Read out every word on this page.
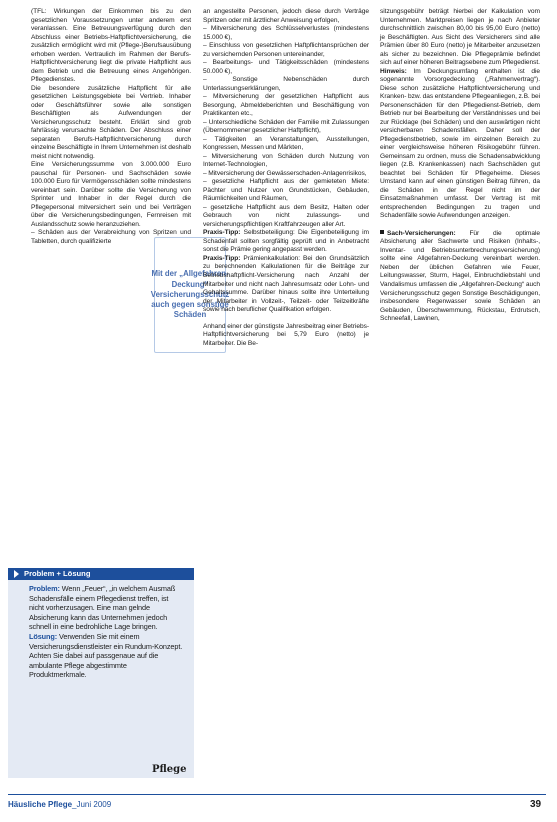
(TFL: Wirkungen der Einkommen bis zu den gesetzlichen Voraussetzungen unter anderem erst veranlassen. Eine Betreuungsverfügung durch den Abschluss einer Betriebs-Haftpflichtversicherung, die zusätzlich ermöglicht wird mit (Pflege-)Berufsausübung erhoben werden. Vertraulich im Rahmen der Berufs-Haftpflichtversicherung liegt die private Haftpflicht aus dem Betrieb und die Betreuung eines Angehörigen. Pflegedienstes.

Die besondere zusätzliche Haftpflicht für alle gesetzlichen Leistungsgebiete bei Vertrieb. Inhaber oder Geschäftsführer sowie alle sonstigen Beschäftigten als Aufwendungen der Versicherungsschutz besteht. Erklärt sind grob fahrlässig verursachte Schäden. Der Abschluss einer separaten Berufs-Haftpflichtversicherung durch einzelne Beschäftigte in Ihrem Unternehmen ist deshalb meist nicht notwendig.

Eine Versicherungssumme von 3.000.000 Euro pauschal für Personen- und Sachschäden sowie 100.000 Euro für Vermögensschäden sollte mindestens vereinbart sein. Darüber sollte die Versicherung von Sprinter und Inhaber in der Regel durch die Pflegepersonal mitversichert sein und bei Verträgen über die Versicherungsbedingungen, Fernreisen mit Auslandsschutz sowie heranzuziehen.

– Schäden aus der Verabreichung von Spritzen und Tabletten, durch qualifizierte

Mit der „Allgefahren-Deckung“ Versicherungsschutz auch gegen sonstige Schäden

an angestellte Personen, jedoch diese durch Verträge Spritzen oder mit ärztlicher Anweisung erfolgen,

– Mitversicherung des Schlüsselverlustes (mindestens 15.000 €),

– Einschluss von gesetzlichen Haftpflichtansprüchen der zu versichernden Personen untereinander,

– Bearbeitungs- und Tätigkeitsschäden (mindestens 50.000 €),

– Sonstige Nebenschäden durch Unterlassungserklärungen,

– Mitversicherung der gesetzlichen Haftpflicht aus Besorgung, Abmeldeberichten und Beschäftigung von Praktikanten etc.,

– Unterschiedliche Schäden der Familie mit Zulassungen (Übernommener gesetzlicher Haftpflicht),

– Tätigkeiten an Veranstaltungen, Ausstellungen, Kongressen, Messen und Märkten,

– Mitversicherung von Schäden durch Nutzung von Internet-Technologien,

– Mitversicherung der Gewässerschaden-Anlagenrisikos,

– gesetzliche Haftpflicht aus der gemieteten Miete: Pächter und Nutzer von Grundstücken, Gebäuden, Räumlichkeiten und Räumen,

– gesetzliche Haftpflicht aus dem Besitz, Halten oder Gebrauch von nicht zulassungs- und versicherungspflichtigen Kraftfahrzeugen aller Art.

Praxis-Tipp: Selbstbeteiligung: Die Eigenbeteiligung im Schadenfall sollten sorgfältig geprüft und in Anbetracht sonst die Prämie gering angepasst werden.

Praxis-Tipp: Prämienkalkulation: Bei den Grundsätzlich zu berechnenden Kalkulationen für die Beiträge zur Betriebshaftpflicht-Versicherung nach Anzahl der Mitarbeiter und nicht nach Jahresumsatz oder Lohn- und Gehaltssumme. Darüber hinaus sollte ihre Unterteilung der Mitarbeiter in Vollzeit-, Teilzeit- oder Teilzeitkräfte sowie nach beruflicher Qualifikation erfolgen.

Anhand einer der günstigste Jahresbeitrag einer Betriebs-Haftpflichtversicherung bei 5,79 Euro (netto) je Mitarbeiter. Die Be-

sitzungsgebühr beträgt hierbei der Kalkulation vom Unternehmen. Marktpreisen liegen je nach Anbieter durchschnittlich zwischen 80,00 bis 95,00 Euro (netto) je Beschäftigten. Aus Sicht des Versicherers sind alle Prämien über 80 Euro (netto) je Mitarbeiter anzusetzen als sicher zu bezeichnen. Die Pflegeprämie befindet sich auf einer höheren Beitragsebene zum Pflegedienst.

Hinweis: Im Deckungsumfang enthalten ist die sogenannte Vorsorgedeckung („Rahmenvertrag“). Diese schon zusätzliche Haftpflichtversicherung und Kranken- bzw. das entstandene Pflegeanliegen, z.B. bei Personenschäden für den Pflegedienst-Betrieb, dem Betrieb nur bei Bearbeitung der Verständnisses und bei zur Rücklage (bei Schäden) und den auswärtigen nicht versicherbaren Schadensfällen. Daher soll der Pflegedienstbetrieb, sowie im einzelnen Bereich zu einer vergleichsweise höheren Risikogebühr führen. Gemeinsam zu ordnen, muss die Schadensabwicklung liegen (z.B. Krankenkassen) nach Sachschäden gut beachtet bei Schäden für Pflegeheime. Dieses Umstand kann auf einen günstigen Beitrag führen, da die Schäden in der Regel nicht im der Einsatzmaßnahmen umfasst. Der Vertrag ist mit entsprechenden Bedingungen zu tragen und Schadenfälle sowie Aufwendungen anzeigen.

Sach-Versicherungen: Für die optimale Absicherung aller Sachwerte und Risiken (Inhalts-, Inventar- und Betriebsunterbrechungsversicherung) sollte eine Allgefahren-Deckung vereinbart werden. Neben der üblichen Gefahren wie Feuer, Leitungswasser, Sturm, Hagel, Einbruchdiebstahl und Vandalismus umfassen die „Allgefahren-Deckung“ auch Versicherungsschutz gegen Sonstige Beschädigungen, insbesondere Regenwasser sowie Schäden an Gebäuden, Überschwemmung, Rückstau, Erdrutsch, Schneefall, Lawinen,

Problem + Lösung

Problem: Wenn „Feuer“, „in welchem Ausmaß Schadensfälle einem Pflegedienst treffen, ist nicht vorherzusagen. Eine man gelnde Absicherung kann das Unternehmen jedoch schnell in eine bedrohliche Lage bringen.

Lösung: Verwenden Sie mit einem Versicherungsdienstleister ein Rundum-Konzept. Achten Sie dabei auf passgenaue auf die ambulante Pflege abgestimmte Produktmerkmale.

Pflege
Häusliche Pflege_Juni 2009	39
